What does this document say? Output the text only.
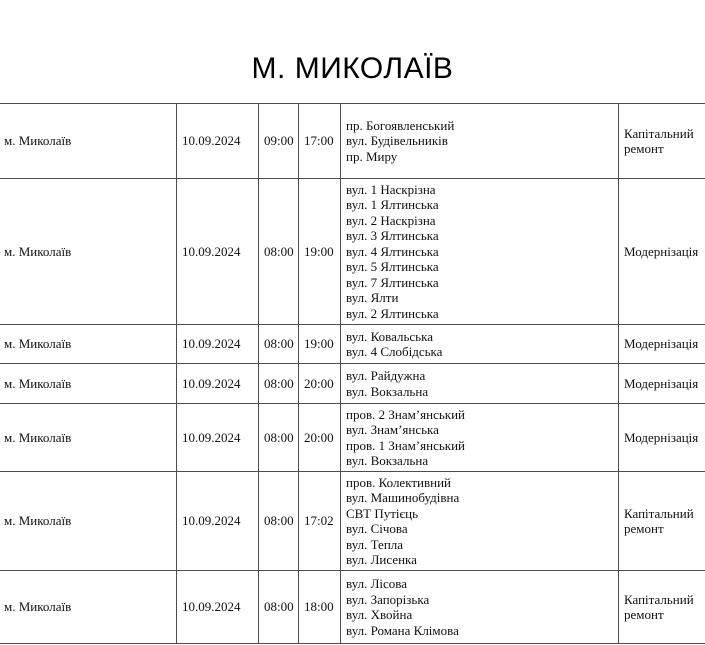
М. МИКОЛАЇВ
м. Миколаїв	10.09.2024	09:00	17:00	пр. Богоявленський
вул. Будівельників
пр. Миру	Капітальний ремонт
м. Миколаїв	10.09.2024	08:00	19:00	
вул. 1 Наскрізна
вул. 1 Ялтинська
вул. 2 Наскрізна
вул. 3 Ялтинська
вул. 4 Ялтинська
вул. 5 Ялтинська
вул. 7 Ялтинська
вул. Ялти
вул. 2 Ялтинська
	Модернізація
м. Миколаїв	10.09.2024	08:00	19:00	вул. Ковальська
вул. 4 Слобідська	Модернізація
м. Миколаїв	10.09.2024	08:00	20:00	вул. Райдужна
вул. Вокзальна	Модернізація
м. Миколаїв	10.09.2024	08:00	20:00	пров. 2 Знам’янський
вул. Знам’янська
пров. 1 Знам’янський
вул. Вокзальна	Модернізація
м. Миколаїв	10.09.2024	08:00	17:02	
пров. Колективний
вул. Машинобудівна
СВТ Путієць
вул. Січова
вул. Тепла
вул. Лисенка
	Капітальний ремонт
м. Миколаїв	10.09.2024	08:00	18:00	вул. Лісова
вул. Запорізька
вул. Хвойна
вул. Романа Клімова	Капітальний ремонт
